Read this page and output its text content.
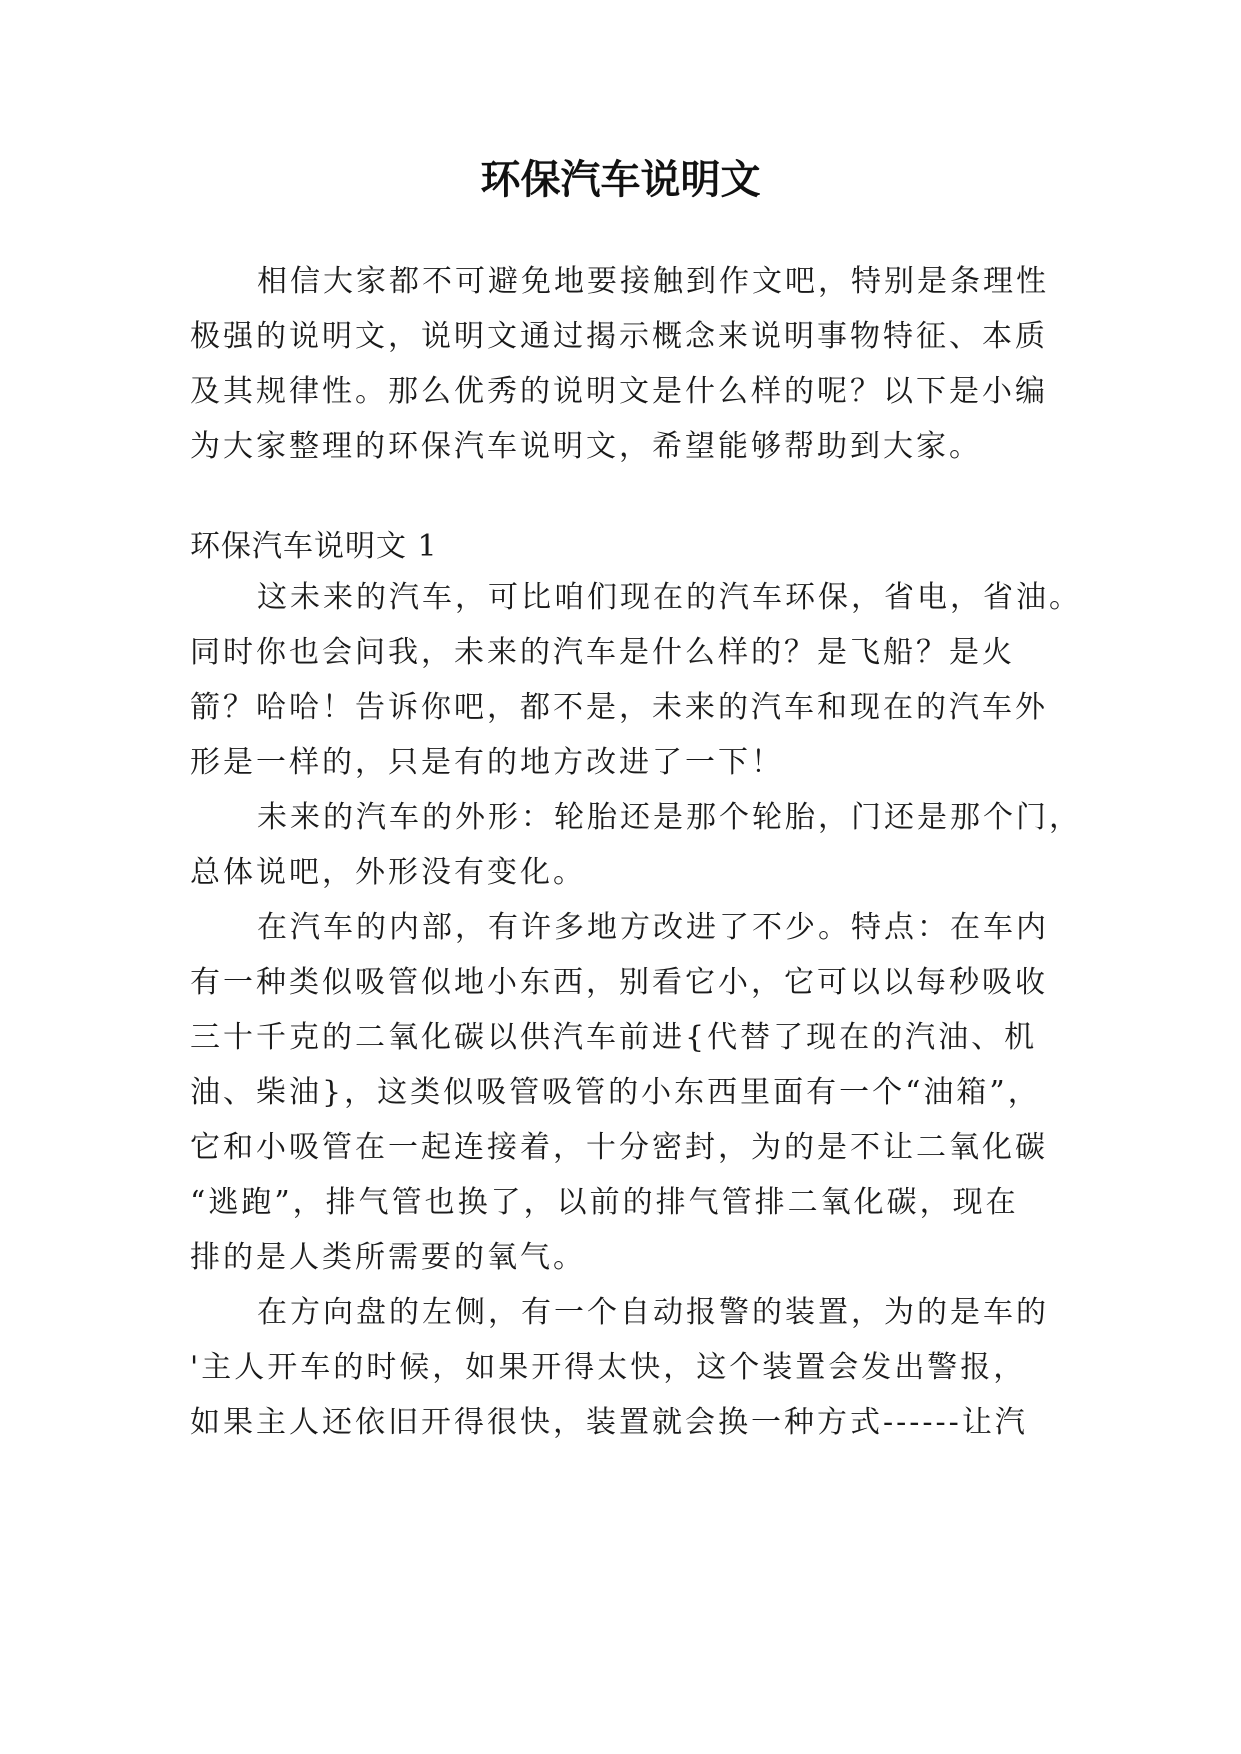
环保汽车说明文
相信大家都不可避免地要接触到作文吧，特别是条理性
极强的说明文，说明文通过揭示概念来说明事物特征、本质
及其规律性。那么优秀的说明文是什么样的呢？以下是小编
为大家整理的环保汽车说明文，希望能够帮助到大家。
环保汽车说明文 1
这未来的汽车，可比咱们现在的汽车环保，省电，省油。
同时你也会问我，未来的汽车是什么样的？是飞船？是火
箭？哈哈！告诉你吧，都不是，未来的汽车和现在的汽车外
形是一样的，只是有的地方改进了一下！
未来的汽车的外形：轮胎还是那个轮胎，门还是那个门，
总体说吧，外形没有变化。
在汽车的内部，有许多地方改进了不少。特点：在车内
有一种类似吸管似地小东西，别看它小，它可以以每秒吸收
三十千克的二氧化碳以供汽车前进{代替了现在的汽油、机
油、柴油}，这类似吸管吸管的小东西里面有一个“油箱”，
它和小吸管在一起连接着，十分密封，为的是不让二氧化碳
“逃跑”，排气管也换了，以前的排气管排二氧化碳，现在
排的是人类所需要的氧气。
在方向盘的左侧，有一个自动报警的装置，为的是车的
'主人开车的时候，如果开得太快，这个装置会发出警报，
如果主人还依旧开得很快，装置就会换一种方式------让汽
